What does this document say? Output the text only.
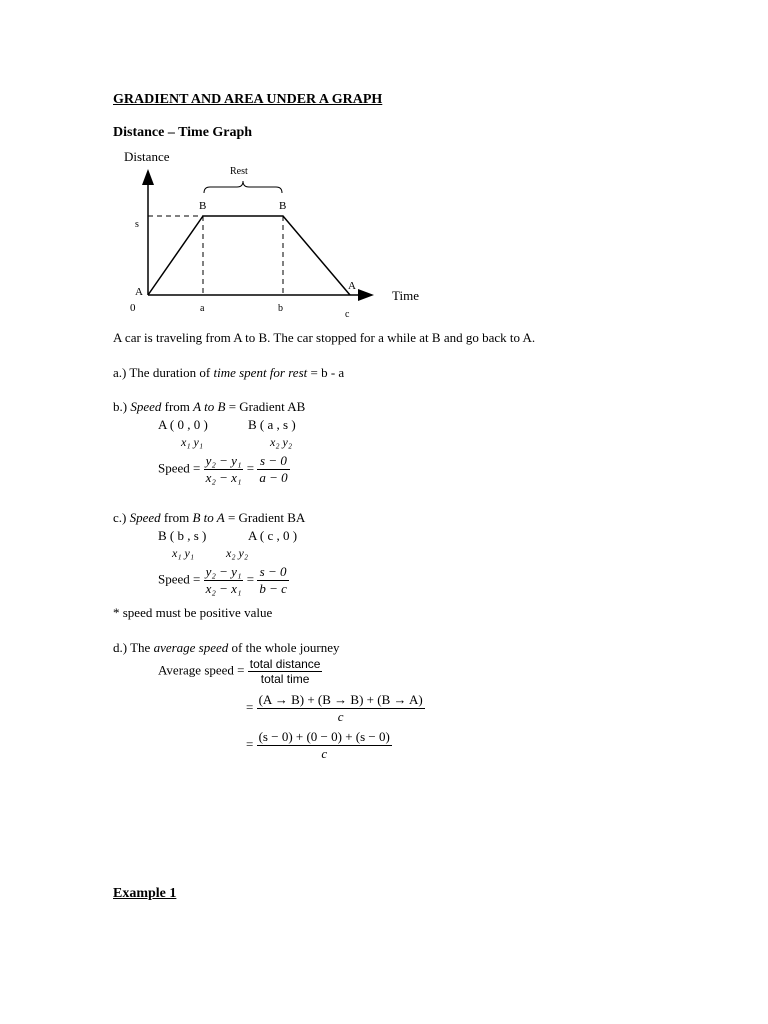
GRADIENT AND AREA UNDER A GRAPH
Distance – Time Graph
Distance
Rest
B	B
s
A	A
0	a	b
c
Time
A car is traveling from A to B. The car stopped for a while at B and go back to A.
a.) The duration of time spent for rest = b - a
b.) Speed from A to B = Gradient AB
A ( 0 , 0 )	B ( a , s )
x₁ y₁	x₂ y₂
Speed = $\frac{\text{y₂ − y₁}}{\text{x₂ − x₁}} = \frac{s - 0}{a - 0}$
c.) Speed from B to A = Gradient BA
B ( b , s )	A ( c , 0 )
x₁ y₁	x₂ y₂
Speed = $\frac{\text{y₂ − y₁}}{\text{x₂ − x₁}} = \frac{s - 0}{b - c}$
* speed must be positive value
d.) The average speed of the whole journey
Average speed = $\frac{\text{total distance}}{\text{total time}}$
= $\frac{(A \to B) + (B \to B) + (B \to A)}{c}$
= $\frac{(s - 0) + (0 - 0) + (s - 0)}{c}$
Example 1
